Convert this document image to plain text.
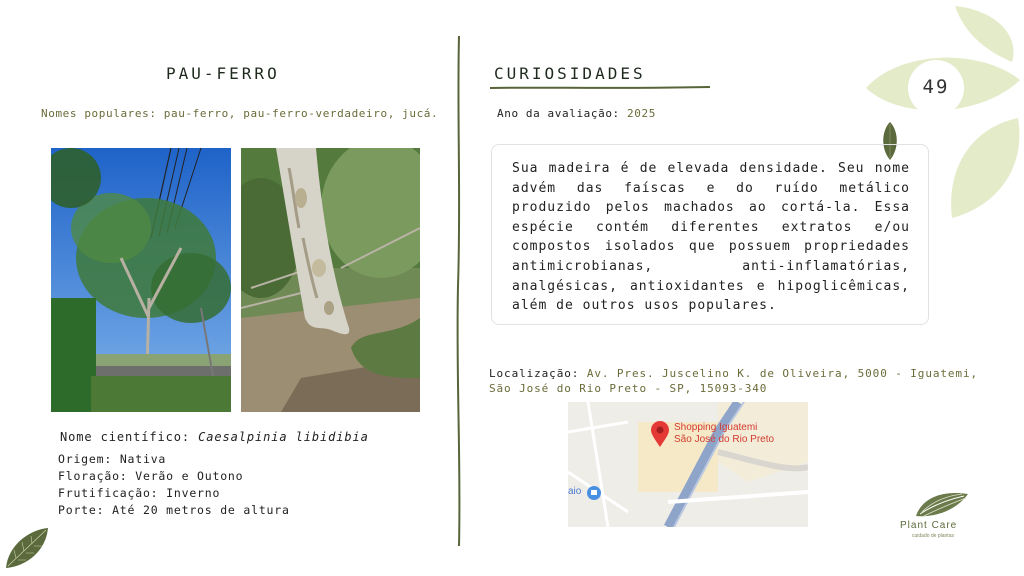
49
PAU-FERRO
Nomes populares: pau-ferro, pau-ferro-verdadeiro, jucá.
Nome científico: Caesalpinia libidibia
Origem: Nativa
Floração: Verão e Outono
Frutificação: Inverno
Porte: Até 20 metros de altura
CURIOSIDADES
Ano da avaliação: 2025
Sua madeira é de elevada densidade. Seu nome advém das faíscas e do ruído metálico produzido pelos machados ao cortá-la. Essa espécie contém diferentes extratos e/ou compostos isolados que possuem propriedades antimicrobianas, anti-inflamatórias, analgésicas, antioxidantes e hipoglicêmicas, além de outros usos populares.
Localização: Av. Pres. Juscelino K. de Oliveira, 5000 - Iguatemi, São José do Rio Preto - SP, 15093-340
Shopping Iguatemi
São José do Rio Preto
aio
Plant Care
cuidado de plantas
